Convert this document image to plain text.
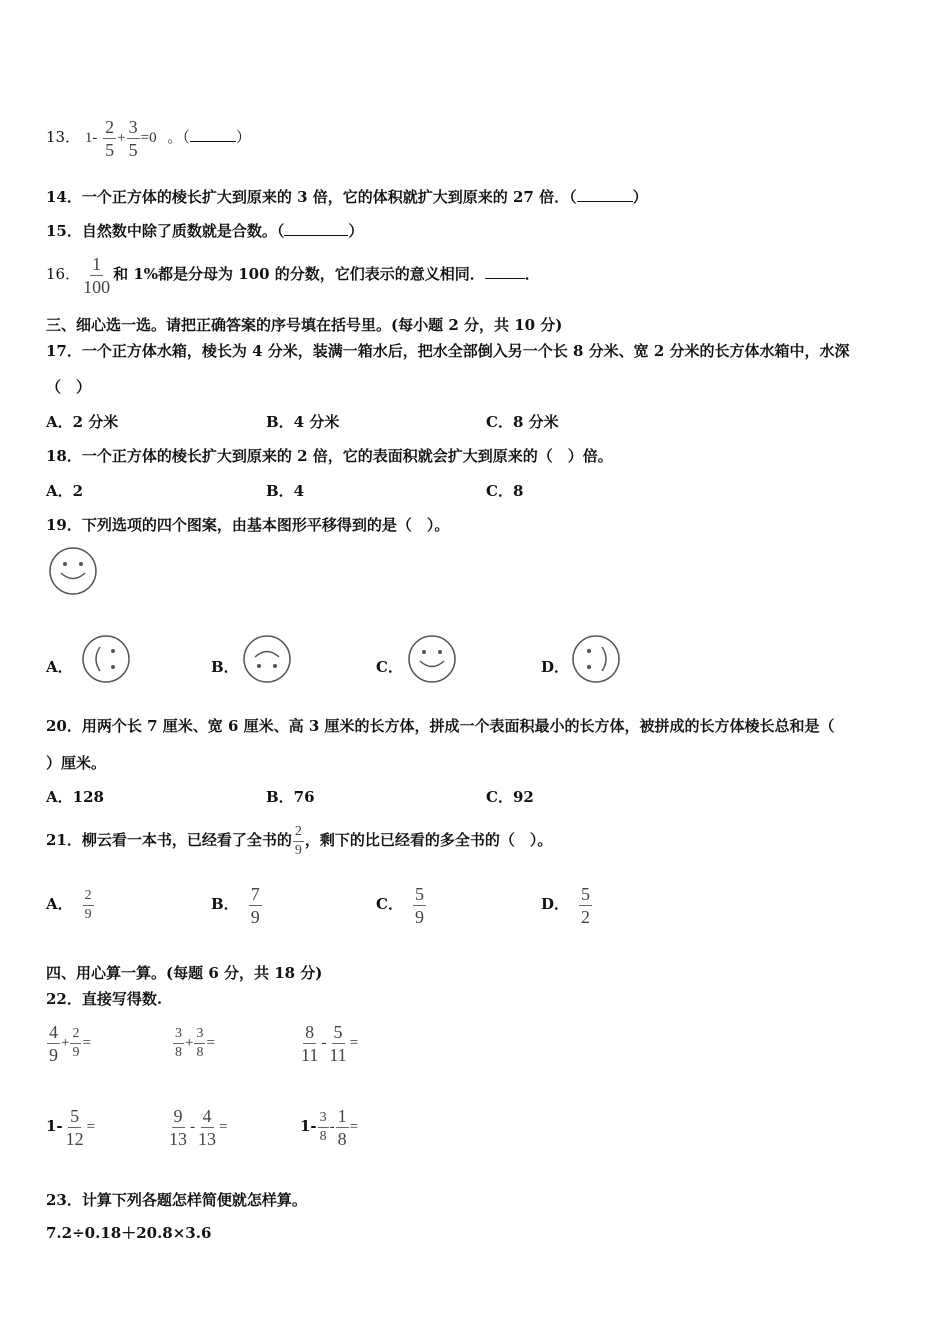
13． $1- \frac{2}{5} + \frac{3}{5} =0$ 。（	）
14．一个正方体的棱长扩大到原来的 3 倍，它的体积就扩大到原来的 27 倍．（	）
15．自然数中除了质数就是合数。（	）
16． $\frac{1}{100}$ 和 1%都是分母为 100 的分数，它们表示的意义相同．	．
三、细心选一选。请把正确答案的序号填在括号里。(每小题 2 分，共 10 分)
17．一个正方体水箱，棱长为 4 分米，装满一箱水后，把水全部倒入另一个长 8 分米、宽 2 分米的长方体水箱中，水深
（　）
A．2 分米	B．4 分米	C．8 分米
18．一个正方体的棱长扩大到原来的 2 倍，它的表面积就会扩大到原来的（　）倍。
A．2	B．4	C．8
19．下列选项的四个图案，由基本图形平移得到的是（　）。
A．	B．	C．	D．
20．用两个长 7 厘米、宽 6 厘米、高 3 厘米的长方体，拼成一个表面积最小的长方体，被拼成的长方体棱长总和是（
）厘米。
A．128	B．76	C．92
21．柳云看一本书，已经看了全书的 $\frac{2}{9}$ ，剩下的比已经看的多全书的（　）。
A． $\frac{2}{9}$	B． $\frac{7}{9}$	C． $\frac{5}{9}$	D． $\frac{5}{2}$
四、用心算一算。(每题 6 分，共 18 分)
22．直接写得数.
$\frac{4}{9} + \frac{2}{9}$ =	$\frac{3}{8} + \frac{3}{8}$ =	$\frac{8}{11} - \frac{5}{11}$ =
$1- \frac{5}{12}$ =	$\frac{9}{13} - \frac{4}{13}$ =	$1- \frac{3}{8} - \frac{1}{8}$ =
23．计算下列各题怎样简便就怎样算。
7.2÷0.18＋20.8×3.6
